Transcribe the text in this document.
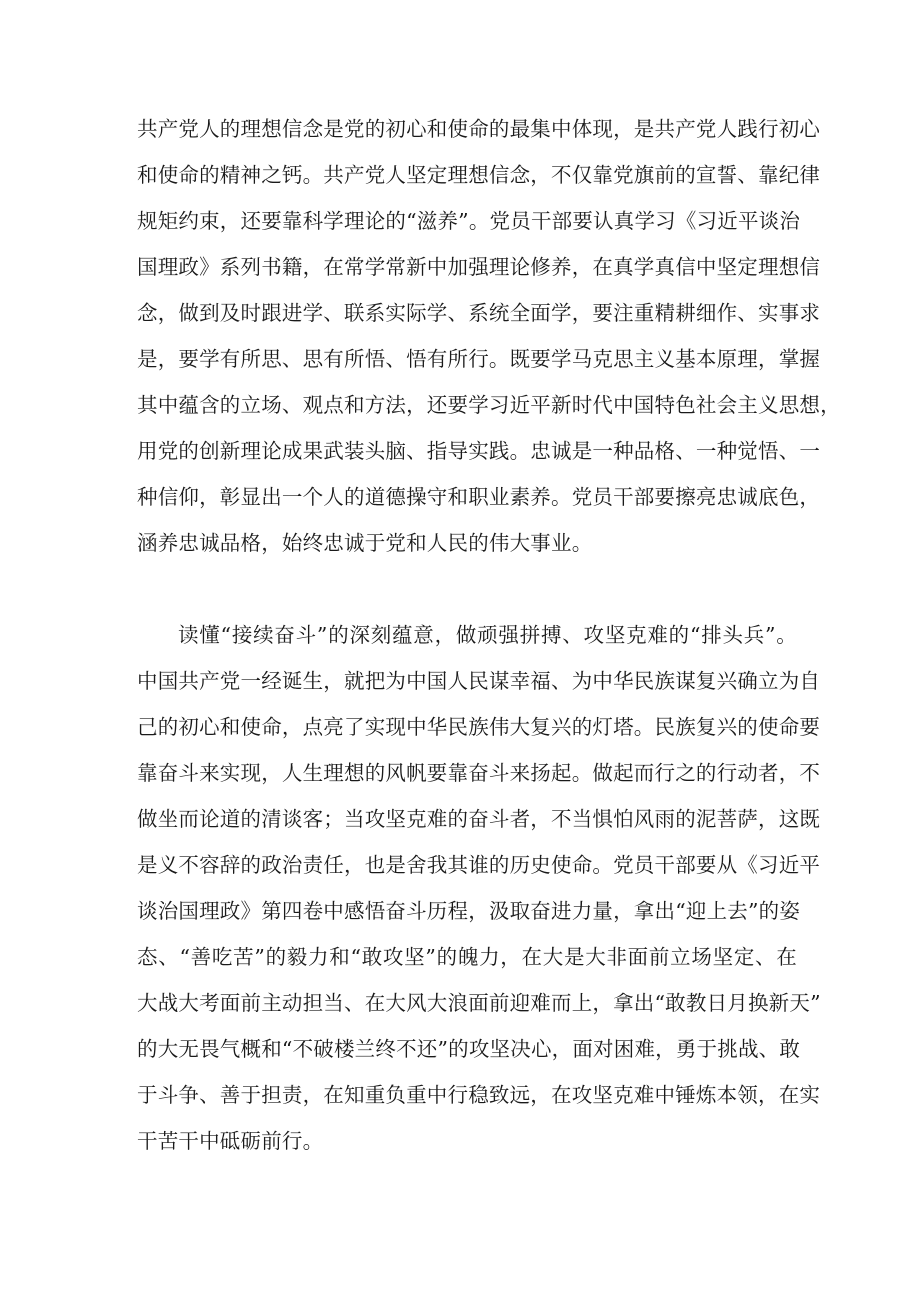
共产党人的理想信念是党的初心和使命的最集中体现，是共产党人践行初心
和使命的精神之钙。共产党人坚定理想信念，不仅靠党旗前的宣誓、靠纪律
规矩约束，还要靠科学理论的“滋养”。党员干部要认真学习《习近平谈治
国理政》系列书籍，在常学常新中加强理论修养，在真学真信中坚定理想信
念，做到及时跟进学、联系实际学、系统全面学，要注重精耕细作、实事求
是，要学有所思、思有所悟、悟有所行。既要学马克思主义基本原理，掌握
其中蕴含的立场、观点和方法，还要学习近平新时代中国特色社会主义思想，
用党的创新理论成果武装头脑、指导实践。忠诚是一种品格、一种觉悟、一
种信仰，彰显出一个人的道德操守和职业素养。党员干部要擦亮忠诚底色，
涵养忠诚品格，始终忠诚于党和人民的伟大事业。
读懂“接续奋斗”的深刻蕴意，做顽强拼搏、攻坚克难的“排头兵”。
中国共产党一经诞生，就把为中国人民谋幸福、为中华民族谋复兴确立为自
己的初心和使命，点亮了实现中华民族伟大复兴的灯塔。民族复兴的使命要
靠奋斗来实现，人生理想的风帆要靠奋斗来扬起。做起而行之的行动者，不
做坐而论道的清谈客；当攻坚克难的奋斗者，不当惧怕风雨的泥菩萨，这既
是义不容辞的政治责任，也是舍我其谁的历史使命。党员干部要从《习近平
谈治国理政》第四卷中感悟奋斗历程，汲取奋进力量，拿出“迎上去”的姿
态、“善吃苦”的毅力和“敢攻坚”的魄力，在大是大非面前立场坚定、在
大战大考面前主动担当、在大风大浪面前迎难而上，拿出“敢教日月换新天”
的大无畏气概和“不破楼兰终不还”的攻坚决心，面对困难，勇于挑战、敢
于斗争、善于担责，在知重负重中行稳致远，在攻坚克难中锤炼本领，在实
干苦干中砥砺前行。
